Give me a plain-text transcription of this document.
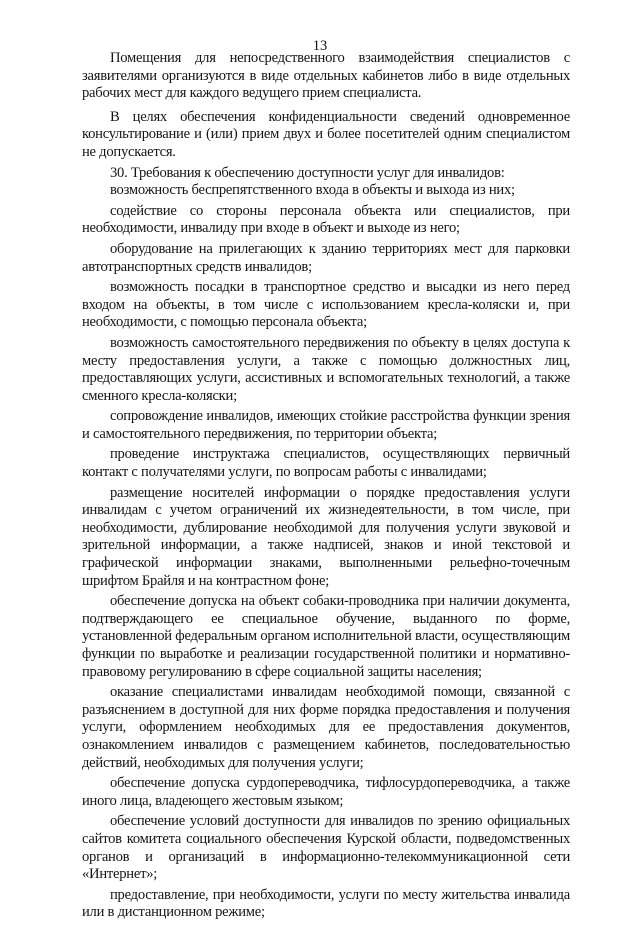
13

Помещения для непосредственного взаимодействия специалистов с заявителями организуются в виде отдельных кабинетов либо в виде отдельных рабочих мест для каждого ведущего прием специалиста.

В целях обеспечения конфиденциальности сведений одновременное консультирование и (или) прием двух и более посетителей одним специалистом не допускается.

30. Требования к обеспечению доступности услуг для инвалидов:

возможность беспрепятственного входа в объекты и выхода из них;

содействие со стороны персонала объекта или специалистов, при необходимости, инвалиду при входе в объект и выходе из него;

оборудование на прилегающих к зданию территориях мест для парковки автотранспортных средств инвалидов;

возможность посадки в транспортное средство и высадки из него перед входом на объекты, в том числе с использованием кресла-коляски и, при необходимости, с помощью персонала объекта;

возможность самостоятельного передвижения по объекту в целях доступа к месту предоставления услуги, а также с помощью должностных лиц, предоставляющих услуги, ассистивных и вспомогательных технологий, а также сменного кресла-коляски;

сопровождение инвалидов, имеющих стойкие расстройства функции зрения и самостоятельного передвижения, по территории объекта;

проведение инструктажа специалистов, осуществляющих первичный контакт с получателями услуги, по вопросам работы с инвалидами;

размещение носителей информации о порядке предоставления услуги инвалидам с учетом ограничений их жизнедеятельности, в том числе, при необходимости, дублирование необходимой для получения услуги звуковой и зрительной информации, а также надписей, знаков и иной текстовой и графической информации знаками, выполненными рельефно-точечным шрифтом Брайля и на контрастном фоне;

обеспечение допуска на объект собаки-проводника при наличии документа, подтверждающего ее специальное обучение, выданного по форме, установленной федеральным органом исполнительной власти, осуществляющим функции по выработке и реализации государственной политики и нормативно-правовому регулированию в сфере социальной защиты населения;

оказание специалистами инвалидам необходимой помощи, связанной с разъяснением в доступной для них форме порядка предоставления и получения услуги, оформлением необходимых для ее предоставления документов, ознакомлением инвалидов с размещением кабинетов, последовательностью действий, необходимых для получения услуги;

обеспечение допуска сурдопереводчика, тифлосурдопереводчика, а также иного лица, владеющего жестовым языком;

обеспечение условий доступности для инвалидов по зрению официальных сайтов комитета социального обеспечения Курской области, подведомственных органов и организаций в информационно-телекоммуникационной сети «Интернет»;

предоставление, при необходимости, услуги по месту жительства инвалида или в дистанционном режиме;
